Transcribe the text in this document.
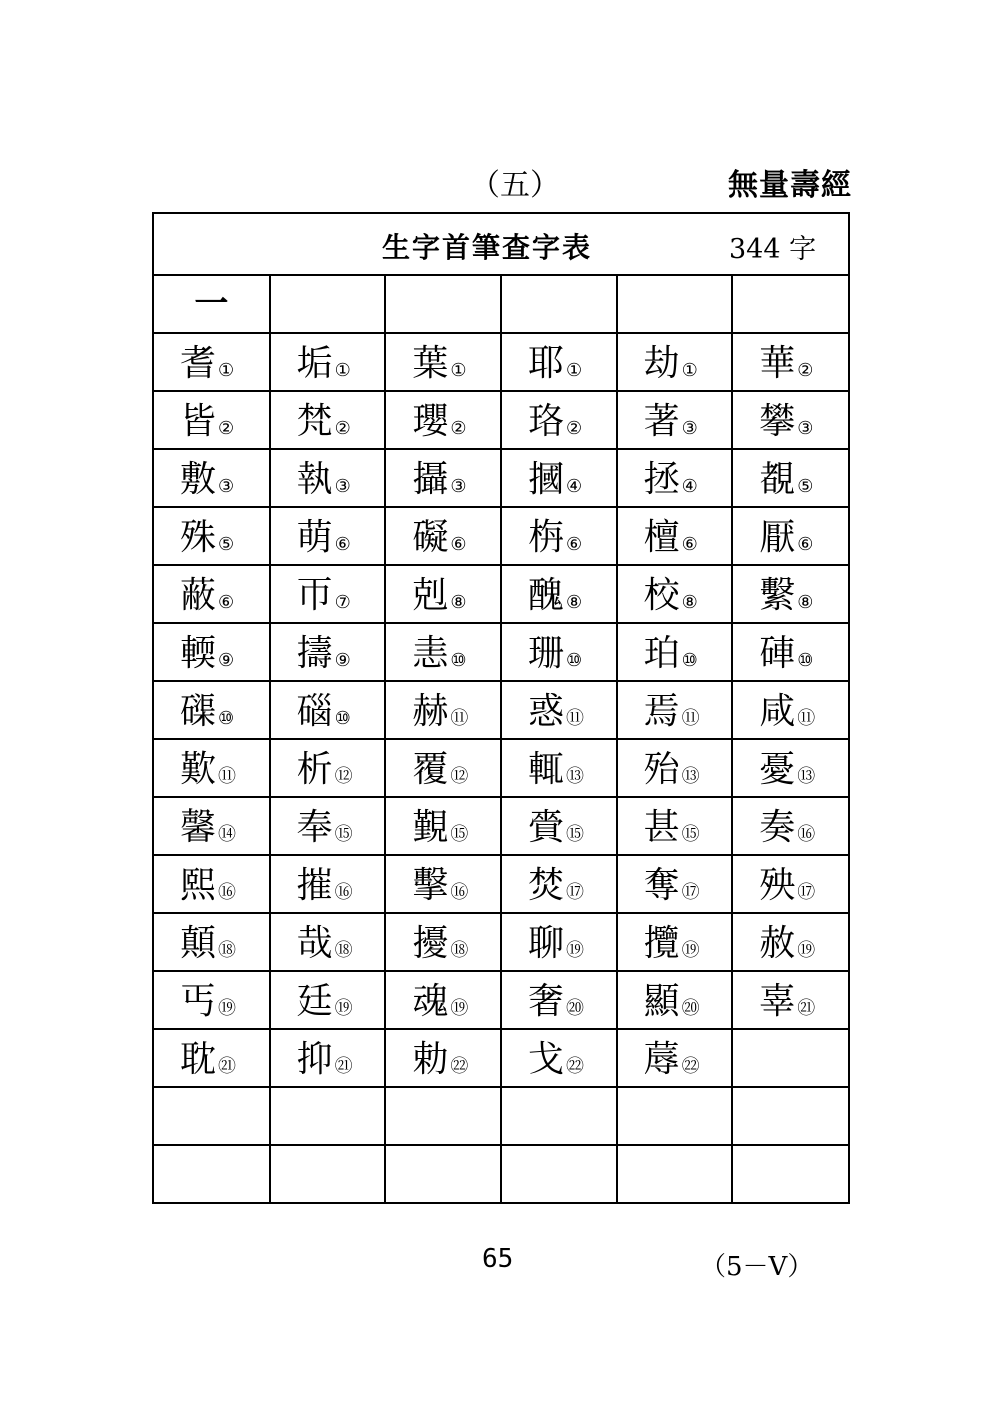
（五）	無量壽經
生字首筆查字表	344 字
一					

耆 ①	垢 ①	葉 ①	耶 ①	劫 ①	華 ②

皆 ②	梵 ②	瓔 ②	珞 ②	著 ③	攀 ③

敷 ③	執 ③	攝 ③	摑 ④	拯 ④	覩 ⑤

殊 ⑤	萌 ⑥	礙 ⑥	栴 ⑥	檀 ⑥	厭 ⑥

蔽 ⑥	帀 ⑦	剋 ⑧	醜 ⑧	校 ⑧	繫 ⑧

輭 ⑨	擣 ⑨	恚 ⑩	珊 ⑩	珀 ⑩	硨 ⑩

磲 ⑩	碯 ⑩	赫 ⑪	惑 ⑪	焉 ⑪	咸 ⑪

歎 ⑪	析 ⑫	覆 ⑫	輒 ⑬	殆 ⑬	憂 ⑬

馨 ⑭	奉 ⑮	覲 ⑮	賫 ⑮	甚 ⑮	奏 ⑯

熙 ⑯	摧 ⑯	擊 ⑯	焚 ⑰	奪 ⑰	殃 ⑰

顛 ⑱	哉 ⑱	擾 ⑱	聊 ⑲	攬 ⑲	赦 ⑲

丐 ⑲	廷 ⑲	魂 ⑲	奢 ⑳	顯 ⑳	辜 ㉑

耽 ㉑	抑 ㉑	勅 ㉒	戈 ㉒	蓐 ㉒	

65	（5－V）
